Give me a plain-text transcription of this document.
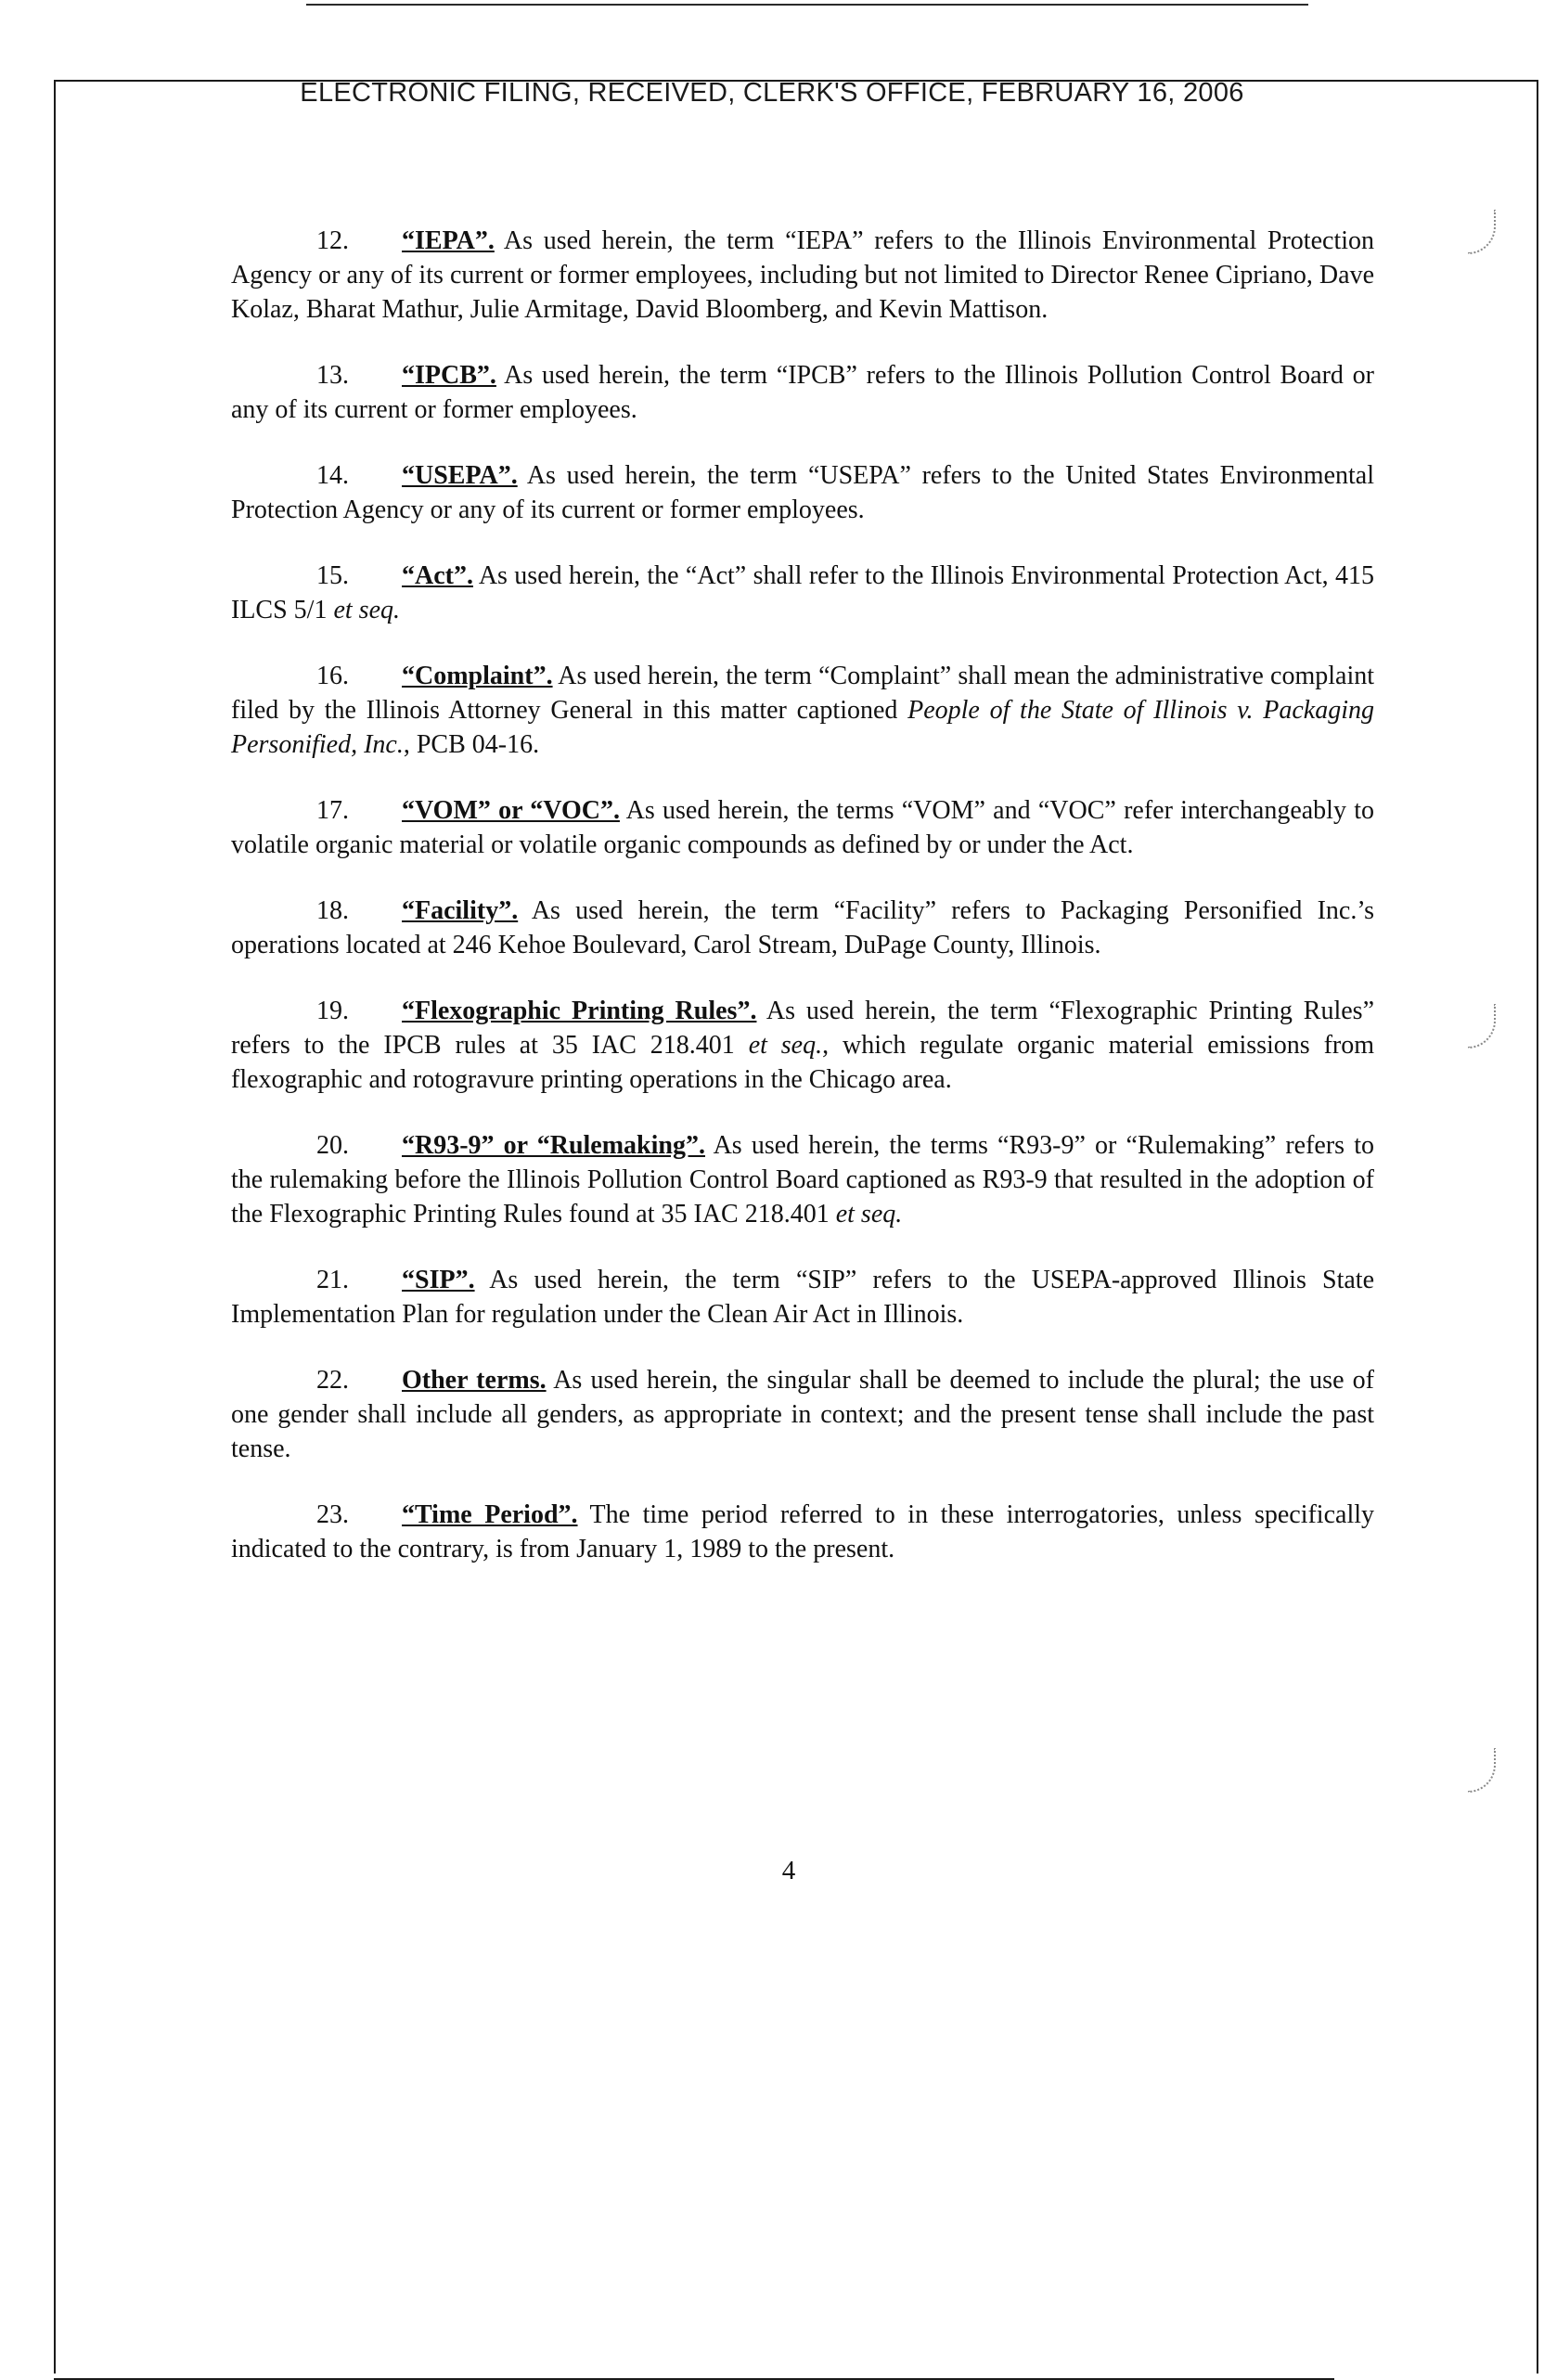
ELECTRONIC FILING, RECEIVED, CLERK'S OFFICE, FEBRUARY 16, 2006

12. “IEPA”. As used herein, the term “IEPA” refers to the Illinois Environmental Protection Agency or any of its current or former employees, including but not limited to Director Renee Cipriano, Dave Kolaz, Bharat Mathur, Julie Armitage, David Bloomberg, and Kevin Mattison.

13. “IPCB”. As used herein, the term “IPCB” refers to the Illinois Pollution Control Board or any of its current or former employees.

14. “USEPA”. As used herein, the term “USEPA” refers to the United States Environmental Protection Agency or any of its current or former employees.

15. “Act”. As used herein, the “Act” shall refer to the Illinois Environmental Protection Act, 415 ILCS 5/1 et seq.

16. “Complaint”. As used herein, the term “Complaint” shall mean the administrative complaint filed by the Illinois Attorney General in this matter captioned People of the State of Illinois v. Packaging Personified, Inc., PCB 04-16.

17. “VOM” or “VOC”. As used herein, the terms “VOM” and “VOC” refer interchangeably to volatile organic material or volatile organic compounds as defined by or under the Act.

18. “Facility”. As used herein, the term “Facility” refers to Packaging Personified Inc.’s operations located at 246 Kehoe Boulevard, Carol Stream, DuPage County, Illinois.

19. “Flexographic Printing Rules”. As used herein, the term “Flexographic Printing Rules” refers to the IPCB rules at 35 IAC 218.401 et seq., which regulate organic material emissions from flexographic and rotogravure printing operations in the Chicago area.

20. “R93-9” or “Rulemaking”. As used herein, the terms “R93-9” or “Rulemaking” refers to the rulemaking before the Illinois Pollution Control Board captioned as R93-9 that resulted in the adoption of the Flexographic Printing Rules found at 35 IAC 218.401 et seq.

21. “SIP”. As used herein, the term “SIP” refers to the USEPA-approved Illinois State Implementation Plan for regulation under the Clean Air Act in Illinois.

22. Other terms. As used herein, the singular shall be deemed to include the plural; the use of one gender shall include all genders, as appropriate in context; and the present tense shall include the past tense.

23. “Time Period”. The time period referred to in these interrogatories, unless specifically indicated to the contrary, is from January 1, 1989 to the present.

4
